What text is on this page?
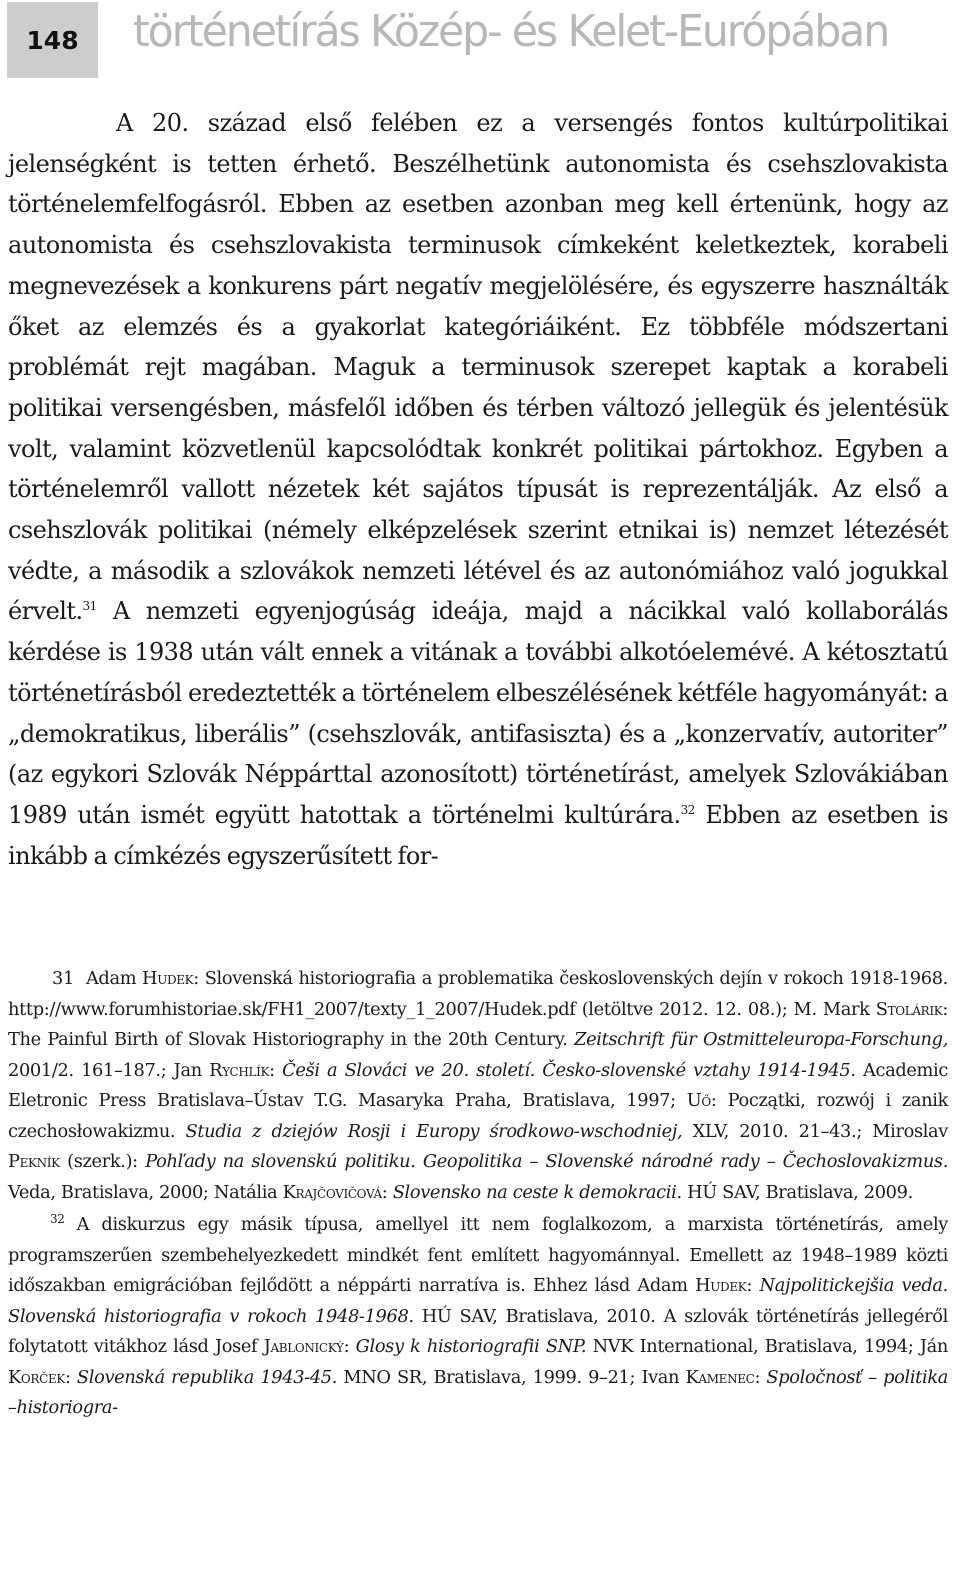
148 történetírás Közép- és Kelet-Európában

A 20. század első felében ez a versengés fontos kultúrpolitikai jelenségként is tetten érhető. Beszélhetünk autonomista és csehszlovakista történelemfelfogásról. Ebben az esetben azonban meg kell értenünk, hogy az autonomista és csehszlovakista terminusok címkeként keletkeztek, korabeli megnevezések a konkurens párt negatív megjelölésére, és egyszerre használták őket az elemzés és a gyakorlat kategóriáiként. Ez többféle módszertani problémát rejt magában. Maguk a terminusok szerepet kaptak a korabeli politikai versengésben, másfelől időben és térben változó jellegük és jelentésük volt, valamint közvetlenül kapcsolódtak konkrét politikai pártokhoz. Egyben a történelemről vallott nézetek két sajátos típusát is reprezentálják. Az első a csehszlovák politikai (némely elképzelések szerint etnikai is) nemzet létezését védte, a második a szlovákok nemzeti létével és az autonómiához való jogukkal érvelt.$^{31}$ A nemzeti egyenjogúság ideája, majd a nácikkal való kollaborálás kérdése is 1938 után vált ennek a vitának a további alkotóelemévé. A kétosztatú történetírásból eredeztették a történelem elbeszélésének kétféle hagyományát: a „demokratikus, liberális” (csehszlovák, antifasiszta) és a „konzervatív, autoriter” (az egykori Szlovák Néppárttal azonosított) történetírást, amelyek Szlovákiában 1989 után ismét együtt hatottak a történelmi kultúrára.$^{32}$ Ebben az esetben is inkább a címkézés egyszerűsített for-

31 Adam Hudek: Slovenská historiografia a problematika československých dejín v rokoch 1918-1968. http://www.forumhistoriae.sk/FH1_2007/texty_1_2007/Hudek.pdf (letöltve 2012. 12. 08.); M. Mark Stolárik: The Painful Birth of Slovak Historiography in the 20th Century. Zeitschrift für Ostmitteleuropa-Forschung, 2001/2. 161–187.; Jan Rychlík: Češi a Slováci ve 20. století. Česko-slovenské vztahy 1914-1945. Academic Eletronic Press Bratislava–Ústav T.G. Masaryka Praha, Bratislava, 1997; Uő: Początki, rozwój i zanik czechosłowakizmu. Studia z dziejów Rosji i Europy środkowo-wschodniej, XLV, 2010. 21–43.; Miroslav Pekník (szerk.): Pohľady na slovenskú politiku. Geopolitika – Slovenské národné rady – Čechoslovakizmus. Veda, Bratislava, 2000; Natália Krajčovičová: Slovensko na ceste k demokracii. HÚ SAV, Bratislava, 2009.

$^{32}$ A diskurzus egy másik típusa, amellyel itt nem foglalkozom, a marxista történetírás, amely programszerűen szembehelyezkedett mindkét fent említett hagyománnyal. Emellett az 1948–1989 közti időszakban emigrációban fejlődött a néppárti narratíva is. Ehhez lásd Adam Hudek: Najpolitickejšia veda. Slovenská historiografia v rokoch 1948-1968. HÚ SAV, Bratislava, 2010. A szlovák történetírás jellegéről folytatott vitákhoz lásd Josef Jablonický: Glosy k historiografii SNP. NVK International, Bratislava, 1994; Ján Korček: Slovenská republika 1943-45. MNO SR, Bratislava, 1999. 9–21; Ivan Kamenec: Spoločnosť – politika –historiogra-
